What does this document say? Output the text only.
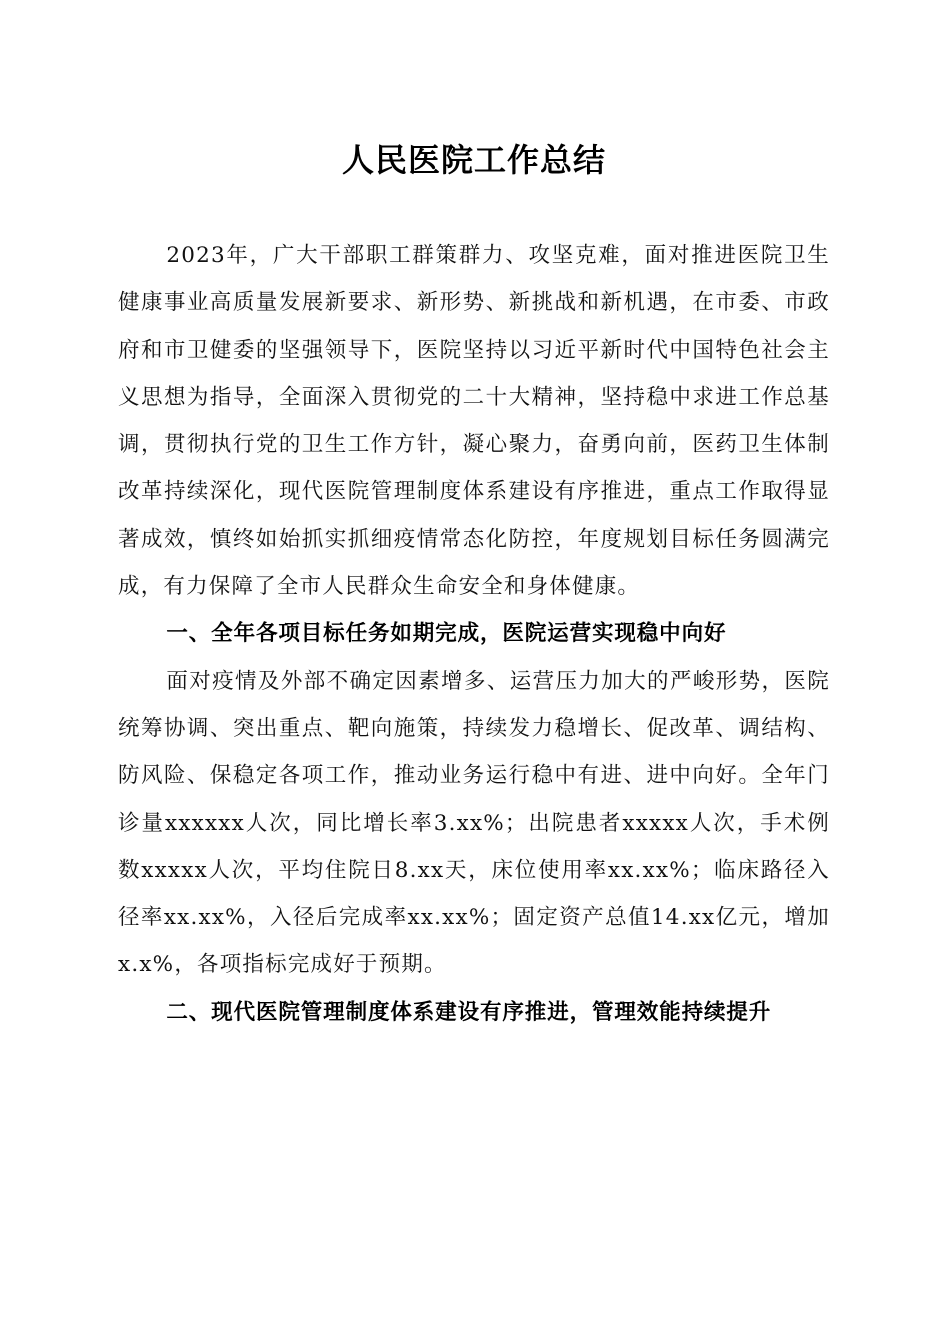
人民医院工作总结

2023年，广大干部职工群策群力、攻坚克难，面对推进医院卫生健康事业高质量发展新要求、新形势、新挑战和新机遇，在市委、市政府和市卫健委的坚强领导下，医院坚持以习近平新时代中国特色社会主义思想为指导，全面深入贯彻党的二十大精神，坚持稳中求进工作总基调，贯彻执行党的卫生工作方针，凝心聚力，奋勇向前，医药卫生体制改革持续深化，现代医院管理制度体系建设有序推进，重点工作取得显著成效，慎终如始抓实抓细疫情常态化防控，年度规划目标任务圆满完成，有力保障了全市人民群众生命安全和身体健康。

一、全年各项目标任务如期完成，医院运营实现稳中向好

面对疫情及外部不确定因素增多、运营压力加大的严峻形势，医院统筹协调、突出重点、靶向施策，持续发力稳增长、促改革、调结构、防风险、保稳定各项工作，推动业务运行稳中有进、进中向好。全年门诊量xxxxxx人次，同比增长率3.xx%；出院患者xxxxx人次，手术例数xxxxx人次，平均住院日8.xx天，床位使用率xx.xx%；临床路径入径率xx.xx%，入径后完成率xx.xx%；固定资产总值14.xx亿元，增加x.x%，各项指标完成好于预期。

二、现代医院管理制度体系建设有序推进，管理效能持续提升
